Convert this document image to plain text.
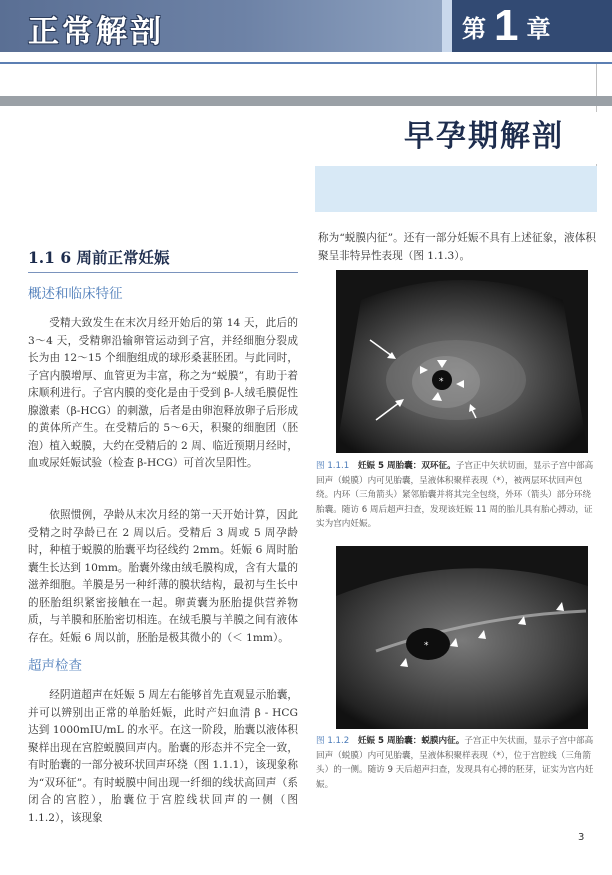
正常解剖	第 1 章
早孕期解剖
1.1 6 周前正常妊娠
概述和临床特征

受精大致发生在末次月经开始后的第 14 天，此后的 3～4 天，受精卵沿输卵管运动到子宫，并经细胞分裂成长为由 12～15 个细胞组成的球形桑葚胚团。与此同时，子宫内膜增厚、血管更为丰富，称之为“蜕膜”，有助于着床顺利进行。子宫内膜的变化是由于受到 β-人绒毛膜促性腺激素（β-HCG）的刺激，后者是由卵泡释放卵子后形成的黄体所产生。在受精后的 5～6天，积聚的细胞团（胚泡）植入蜕膜，大约在受精后的 2 周、临近预期月经时，血或尿妊娠试验（检查 β-HCG）可首次呈阳性。

依照惯例，孕龄从末次月经的第一天开始计算，因此受精之时孕龄已在 2 周以后。受精后 3 周或 5 周孕龄时，种植于蜕膜的胎囊平均径线约 2mm。妊娠 6 周时胎囊生长达到 10mm。胎囊外缘由绒毛膜构成，含有大量的滋养细胞。羊膜是另一种纤薄的膜状结构，最初与生长中的胚胎组织紧密接触在一起。卵黄囊为胚胎提供营养物质，与羊膜和胚胎密切相连。在绒毛膜与羊膜之间有液体存在。妊娠 6 周以前，胚胎是极其微小的（＜ 1mm）。

超声检查

经阴道超声在妊娠 5 周左右能够首先直观显示胎囊，并可以辨别出正常的单胎妊娠，此时产妇血清 β - HCG 达到 1000mIU/mL 的水平。在这一阶段，胎囊以液体积聚样出现在宫腔蜕膜回声内。胎囊的形态并不完全一致，有时胎囊的一部分被环状回声环绕（图 1.1.1），该现象称为“双环征”。有时蜕膜中间出现一纤细的线状高回声（系闭合的宫腔），胎囊位于宫腔线状回声的一侧（图 1.1.2），该现象

称为“蜕膜内征”。还有一部分妊娠不具有上述征象，液体积聚呈非特异性表现（图 1.1.3）。

*

图 1.1.1　 妊娠 5 周胎囊：双环征。子宫正中矢状切面，显示子宫中部高回声（蜕膜）内可见胎囊，呈液体积聚样表现（*），被两层环状回声包绕。内环（三角箭头）紧邻胎囊并将其完全包绕，外环（箭头）部分环绕胎囊。随访 6 周后超声扫查，发现该妊娠 11 周的胎儿具有胎心搏动，证实为宫内妊娠。

*

图 1.1.2　 妊娠 5 周胎囊：蜕膜内征。子宫正中矢状面，显示子宫中部高回声（蜕膜）内可见胎囊，呈液体积聚样表现（*），位于宫腔线（三角箭头）的一侧。随访 9 天后超声扫查，发现具有心搏的胚芽，证实为宫内妊娠。

3
